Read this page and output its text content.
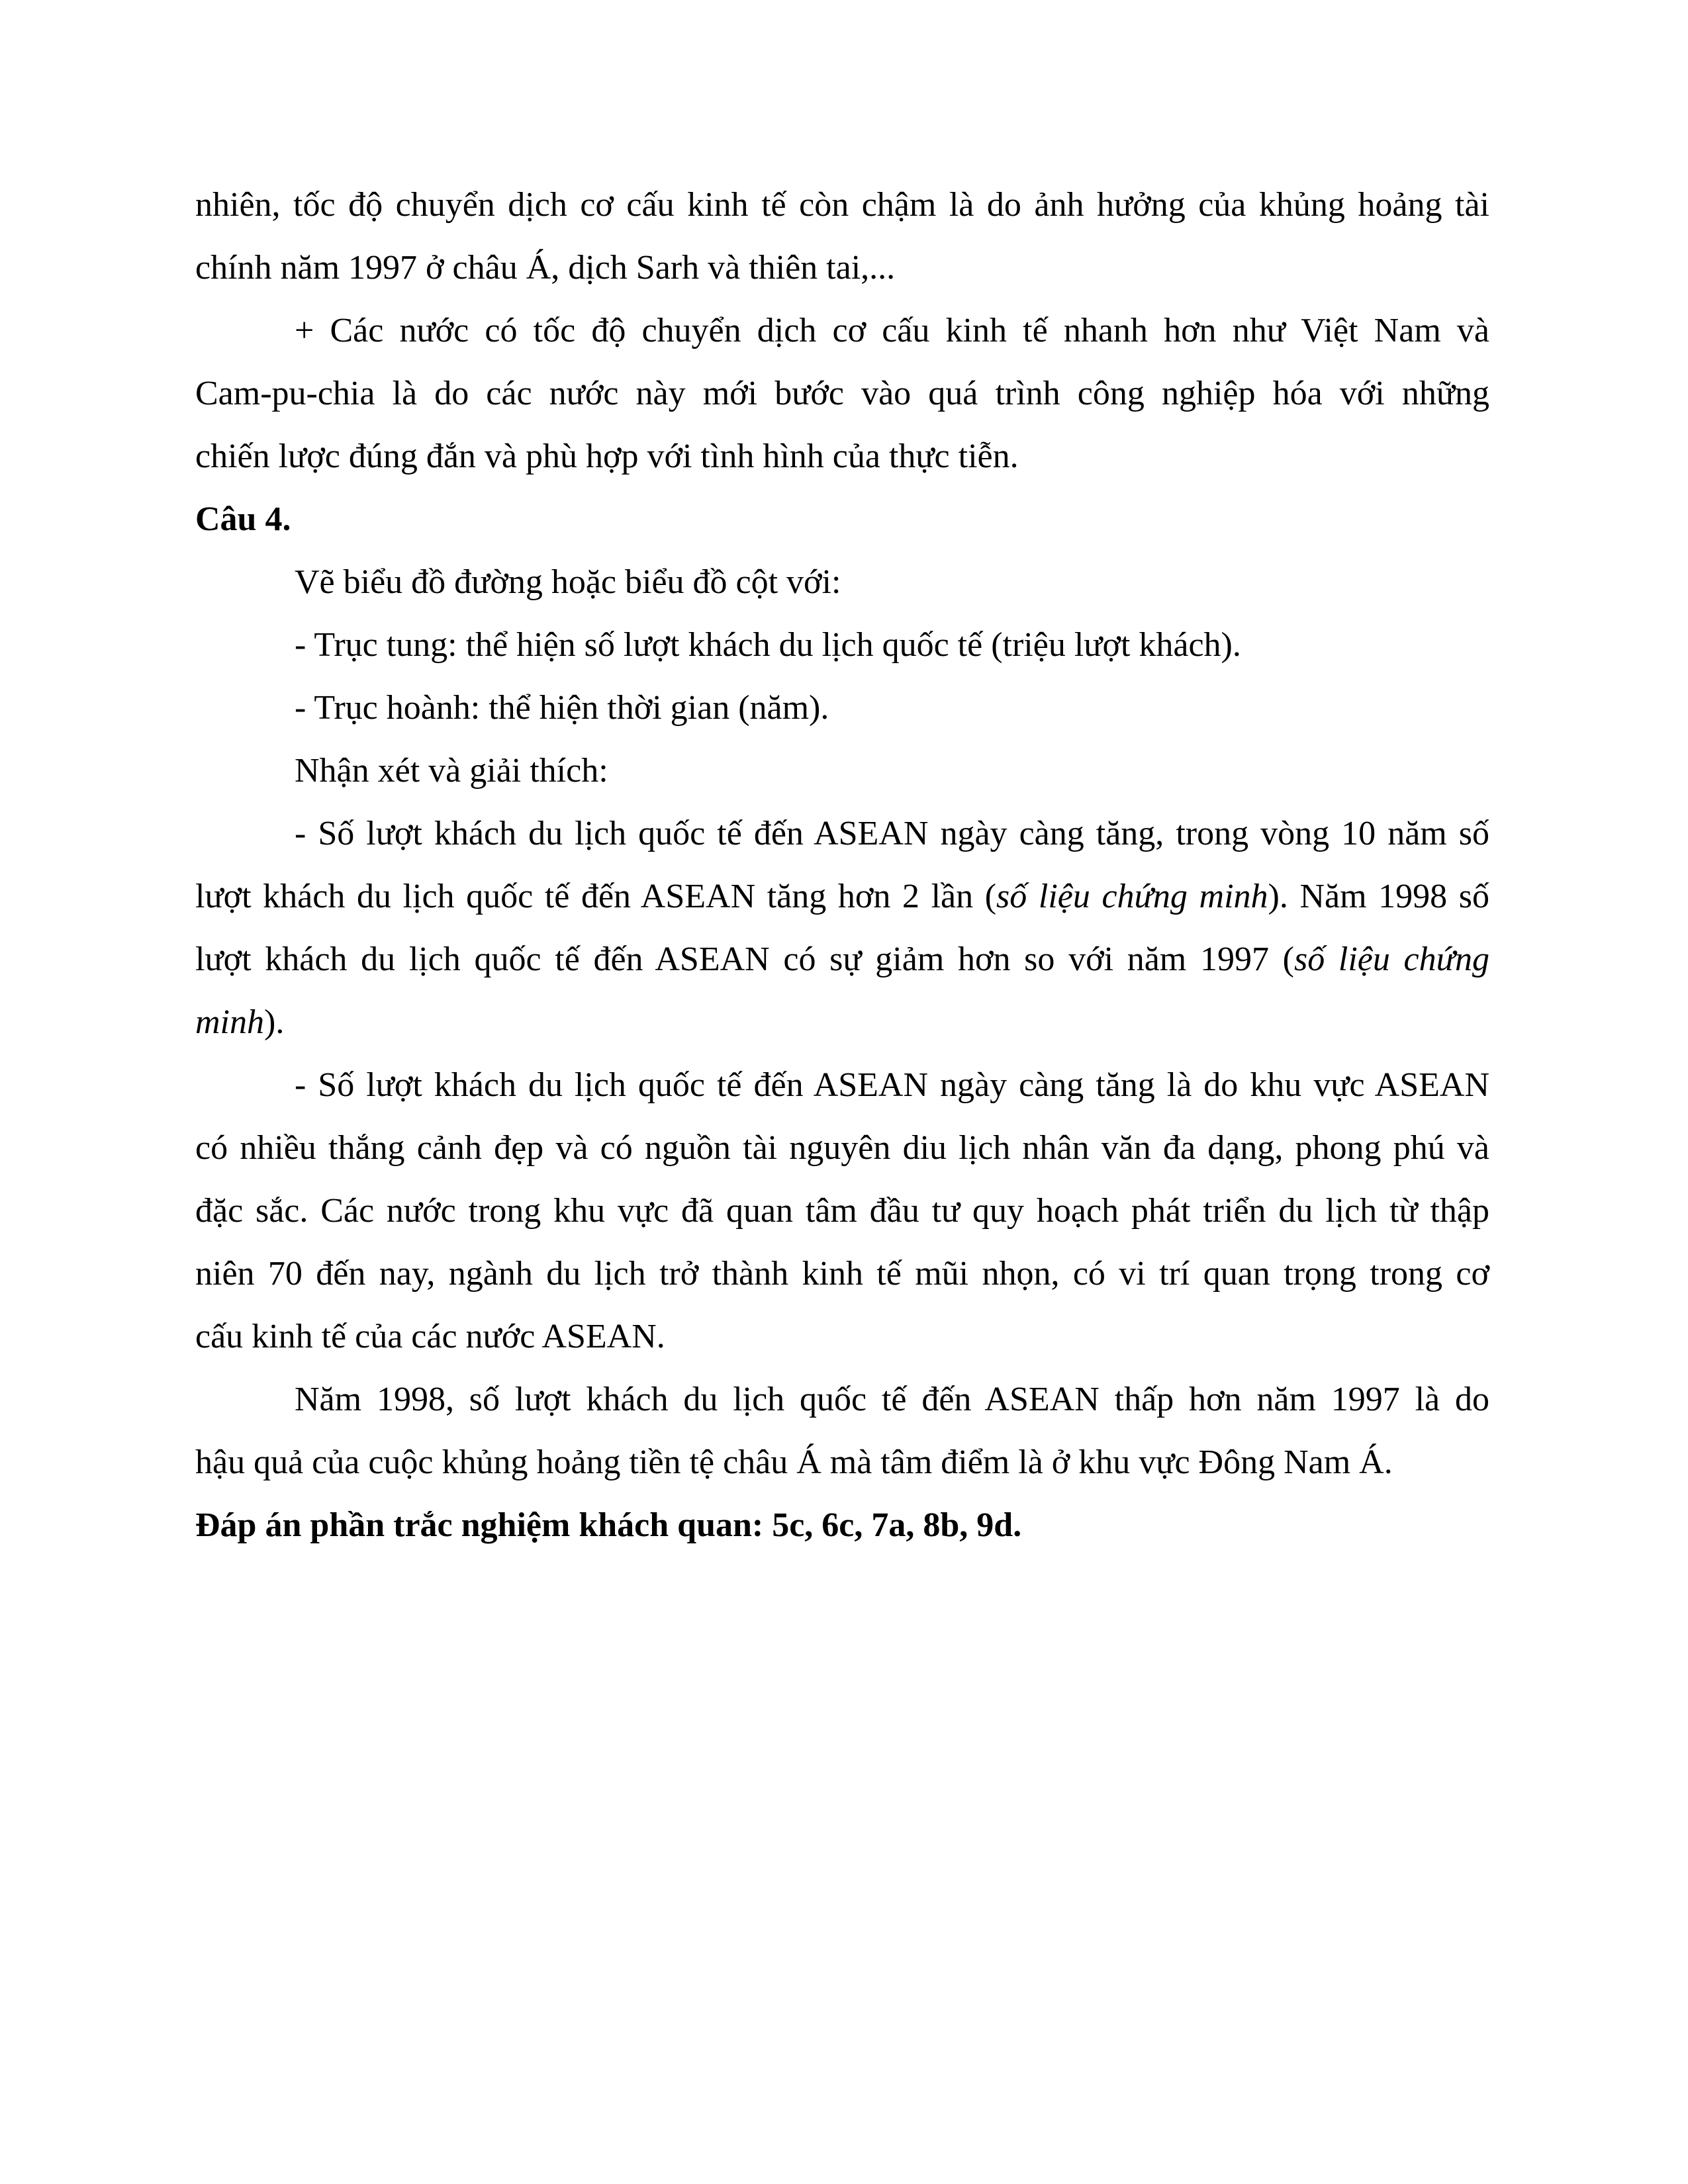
nhiên, tốc độ chuyển dịch cơ cấu kinh tế còn chậm là do ảnh hưởng của khủng hoảng tài
chính năm 1997 ở châu Á, dịch Sarh và thiên tai,...
+ Các nước có tốc độ chuyển dịch cơ cấu kinh tế nhanh hơn như Việt Nam và
Cam-pu-chia là do các nước này mới bước vào quá trình công nghiệp hóa với những
chiến lược đúng đắn và phù hợp với tình hình của thực tiễn.
Câu 4.
Vẽ biểu đồ đường hoặc biểu đồ cột với:
- Trục tung: thể hiện số lượt khách du lịch quốc tế (triệu lượt khách).
- Trục hoành: thể hiện thời gian (năm).
Nhận xét và giải thích:
- Số lượt khách du lịch quốc tế đến ASEAN ngày càng tăng, trong vòng 10 năm số
lượt khách du lịch quốc tế đến ASEAN tăng hơn 2 lần (số liệu chứng minh). Năm 1998 số
lượt khách du lịch quốc tế đến ASEAN có sự giảm hơn so với năm 1997 (số liệu chứng
minh).
- Số lượt khách du lịch quốc tế đến ASEAN ngày càng tăng là do khu vực ASEAN
có nhiều thắng cảnh đẹp và có nguồn tài nguyên diu lịch nhân văn đa dạng, phong phú và
đặc sắc. Các nước trong khu vực đã quan tâm đầu tư quy hoạch phát triển du lịch từ thập
niên 70 đến nay, ngành du lịch trở thành kinh tế mũi nhọn, có vi trí quan trọng trong cơ
cấu kinh tế của các nước ASEAN.
Năm 1998, số lượt khách du lịch quốc tế đến ASEAN thấp hơn năm 1997 là do
hậu quả của cuộc khủng hoảng tiền tệ châu Á mà tâm điểm là ở khu vực Đông Nam Á.
Đáp án phần trắc nghiệm khách quan: 5c, 6c, 7a, 8b, 9d.
